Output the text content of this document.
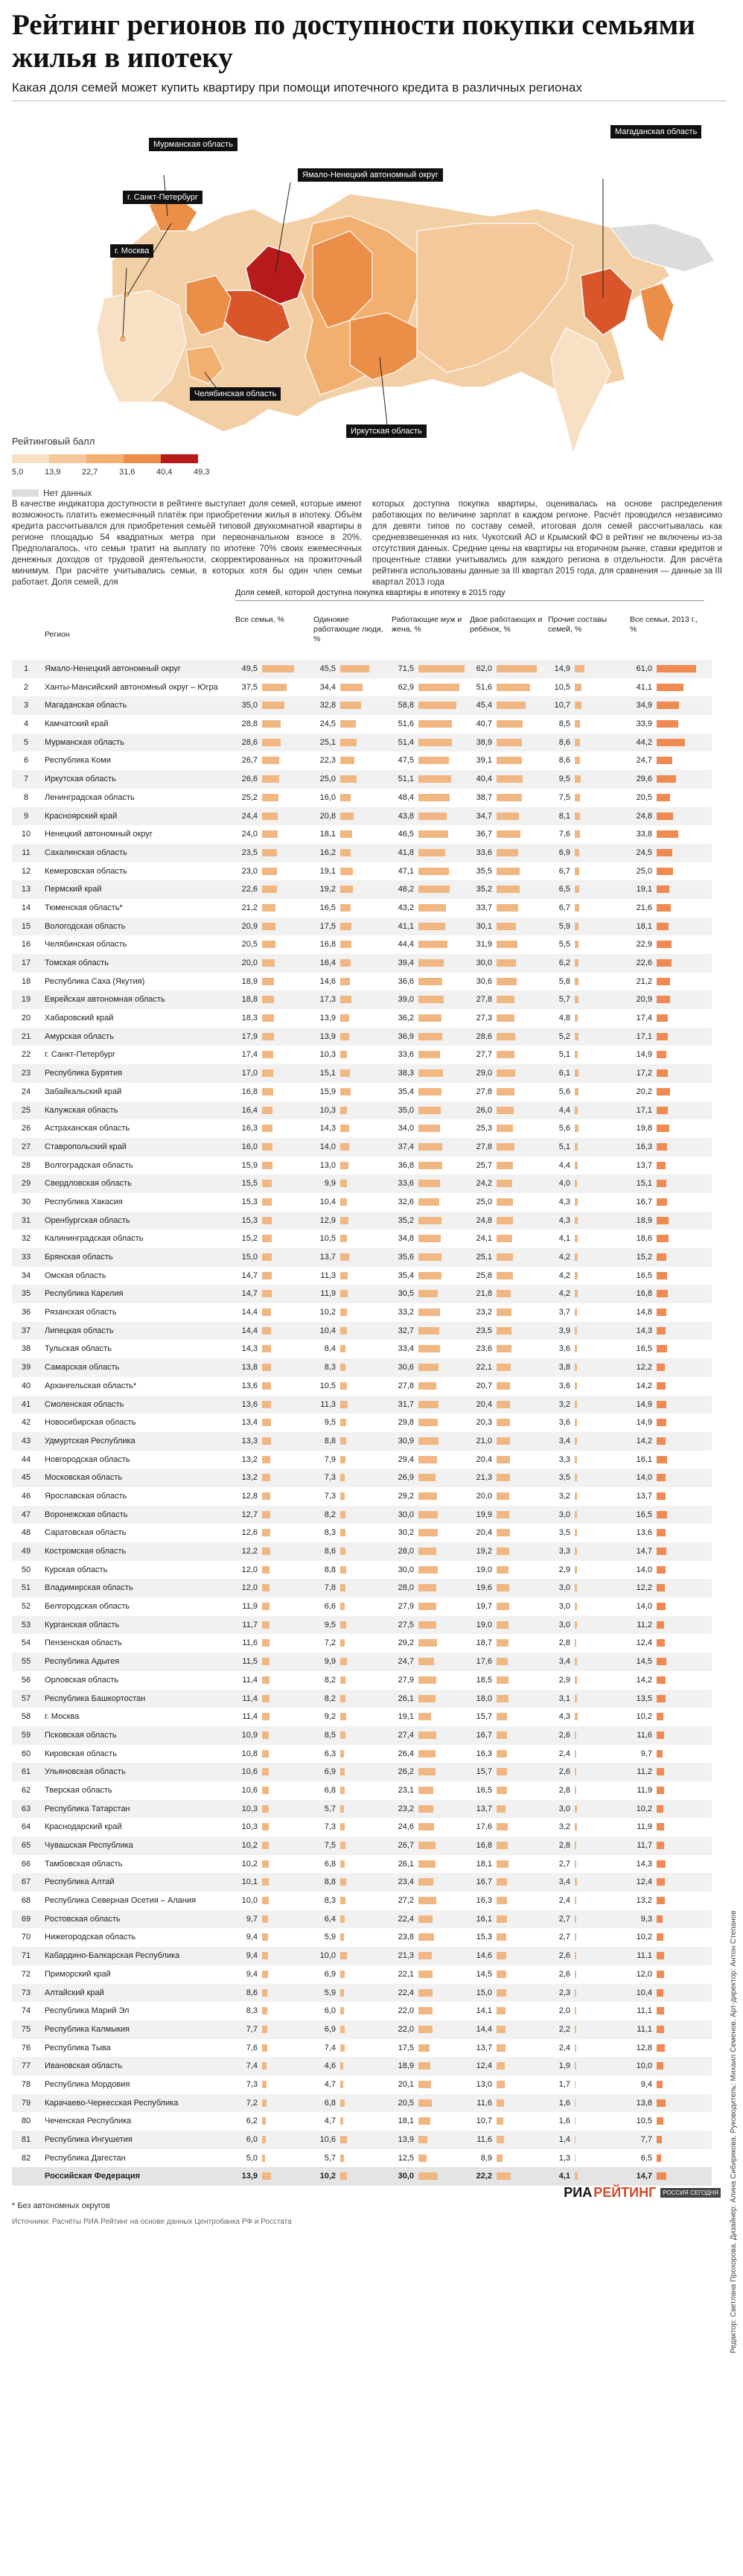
Рейтинг регионов по доступности покупки семьями жилья в ипотеку

Какая доля семей может купить квартиру при помощи ипотечного кредита в различных регионах

Мурманская область
г. Санкт-Петербург
г. Москва
Ямало-Ненецкий автономный округ
Магаданская область
Челябинская область
Иркутская область
Рейтинговый балл
5,0	13,9	22,7	31,6	40,4	49,3
Нет данных

В качестве индикатора доступности в рейтинге выступает доля семей, которые имеют возможность платить ежемесячный платёж при приобретении жилья в ипотеку. Объём кредита рассчитывался для приобретения семьёй типовой двухкомнатной квартиры в регионе площадью 54 квадратных метра при первоначальном взносе в 20%. Предполагалось, что семья тратит на выплату по ипотеке 70% своих ежемесячных денежных доходов от трудовой деятельности, скорректированных на прожиточный минимум. При расчёте учитывались семьи, в которых хотя бы один член семьи работает. Доля семей, для

которых доступна покупка квартиры, оценивалась на основе распределения работающих по величине зарплат в каждом регионе. Расчёт проводился независимо для девяти типов по составу семей, итоговая доля семей рассчитывалась как средневзвешенная из них. Чукотский АО и Крымский ФО в рейтинг не включены из-за отсутствия данных. Средние цены на квартиры на вторичном рынке, ставки кредитов и процентные ставки учитывались для каждого региона в отдельности. Для расчёта рейтинга использованы данные за III квартал 2015 года, для сравнения — данные за III квартал 2013 года

Доля семей, которой доступна покупка квартиры в ипотеку в 2015 году
Регион
Все семьи, %	Одинокие работающие люди, %
Работающие муж и жена, %
Двое работающих и ребёнок, %
Прочие составы семей, %
Все семьи, 2013 г., %
1	Ямало-Ненецкий автономный округ	49,5	45,5	71,5	62,0	14,9	61,0
2	Ханты-Мансийский автономный округ – Югра	37,5	34,4	62,9	51,6	10,5	41,1
3	Магаданская область	35,0	32,8	58,8	45,4	10,7	34,9
4	Камчатский край	28,8	24,5	51,6	40,7	8,5	33,9
5	Мурманская область	28,6	25,1	51,4	38,9	8,6	44,2
6	Республика Коми	26,7	22,3	47,5	39,1	8,6	24,7
7	Иркутская область	26,6	25,0	51,1	40,4	9,5	29,6
8	Ленинградская область	25,2	16,0	48,4	38,7	7,5	20,5
9	Красноярский край	24,4	20,8	43,8	34,7	8,1	24,8
10	Ненецкий автономный округ	24,0	18,1	46,5	36,7	7,6	33,8
11	Сахалинская область	23,5	16,2	41,8	33,6	6,9	24,5
12	Кемеровская область	23,0	19,1	47,1	35,5	6,7	25,0
13	Пермский край	22,6	19,2	48,2	35,2	6,5	19,1
14	Тюменская область*	21,2	16,5	43,2	33,7	6,7	21,6
15	Вологодская область	20,9	17,5	41,1	30,1	5,9	18,1
16	Челябинская область	20,5	16,8	44,4	31,9	5,5	22,9
17	Томская область	20,0	16,4	39,4	30,0	6,2	22,6
18	Республика Саха (Якутия)	18,9	14,6	36,6	30,6	5,8	21,2
19	Еврейская автономная область	18,8	17,3	39,0	27,8	5,7	20,9
20	Хабаровский край	18,3	13,9	36,2	27,3	4,8	17,4
21	Амурская область	17,9	13,9	36,9	28,6	5,2	17,1
22	г. Санкт-Петербург	17,4	10,3	33,6	27,7	5,1	14,9
23	Республика Бурятия	17,0	15,1	38,3	29,0	6,1	17,2
24	Забайкальский край	16,8	15,9	35,4	27,8	5,6	20,2
25	Калужская область	16,4	10,3	35,0	26,0	4,4	17,1
26	Астраханская область	16,3	14,3	34,0	25,3	5,6	19,8
27	Ставропольский край	16,0	14,0	37,4	27,8	5,1	16,3
28	Волгоградская область	15,9	13,0	36,8	25,7	4,4	13,7
29	Свердловская область	15,5	9,9	33,6	24,2	4,0	15,1
30	Республика Хакасия	15,3	10,4	32,6	25,0	4,3	16,7
31	Оренбургская область	15,3	12,9	35,2	24,8	4,3	18,9
32	Калининградская область	15,2	10,5	34,8	24,1	4,1	18,6
33	Брянская область	15,0	13,7	35,6	25,1	4,2	15,2
34	Омская область	14,7	11,3	35,4	25,8	4,2	16,5
35	Республика Карелия	14,7	11,9	30,5	21,8	4,2	16,8
36	Рязанская область	14,4	10,2	33,2	23,2	3,7	14,8
37	Липецкая область	14,4	10,4	32,7	23,5	3,9	14,3
38	Тульская область	14,3	8,4	33,4	23,6	3,6	16,5
39	Самарская область	13,8	8,3	30,6	22,1	3,8	12,2
40	Архангельская область*	13,6	10,5	27,8	20,7	3,6	14,2
41	Смоленская область	13,6	11,3	31,7	20,4	3,2	14,9
42	Новосибирская область	13,4	9,5	29,8	20,3	3,6	14,9
43	Удмуртская Республика	13,3	8,8	30,9	21,0	3,4	14,2
44	Новгородская область	13,2	7,9	29,4	20,4	3,3	16,1
45	Московская область	13,2	7,3	26,9	21,3	3,5	14,0
46	Ярославская область	12,8	7,3	29,2	20,0	3,2	13,7
47	Воронежская область	12,7	8,2	30,0	19,9	3,0	16,5
48	Саратовская область	12,6	8,3	30,2	20,4	3,5	13,6
49	Костромская область	12,2	8,6	28,0	19,2	3,3	14,7
50	Курская область	12,0	8,8	30,0	19,0	2,9	14,0
51	Владимирская область	12,0	7,8	28,0	19,6	3,0	12,2
52	Белгородская область	11,9	6,6	27,9	19,7	3,0	14,0
53	Курганская область	11,7	9,5	27,5	19,0	3,0	11,2
54	Пензенская область	11,6	7,2	29,2	18,7	2,8	12,4
55	Республика Адыгея	11,5	9,9	24,7	17,6	3,4	14,5
56	Орловская область	11,4	8,2	27,9	18,5	2,9	14,2
57	Республика Башкортостан	11,4	8,2	26,1	18,0	3,1	13,5
58	г. Москва	11,4	9,2	19,1	15,7	4,3	10,2
59	Псковская область	10,9	8,5	27,4	16,7	2,6	11,6
60	Кировская область	10,8	6,3	26,4	16,3	2,4	9,7
61	Ульяновская область	10,6	6,9	26,2	15,7	2,6	11,2
62	Тверская область	10,6	6,8	23,1	16,5	2,8	11,9
63	Республика Татарстан	10,3	5,7	23,2	13,7	3,0	10,2
64	Краснодарский край	10,3	7,3	24,6	17,6	3,2	11,9
65	Чувашская Республика	10,2	7,5	26,7	16,8	2,8	11,7
66	Тамбовская область	10,2	6,8	26,1	18,1	2,7	14,3
67	Республика Алтай	10,1	8,8	23,4	16,7	3,4	12,4
68	Республика Северная Осетия – Алания	10,0	8,3	27,2	16,3	2,4	13,2
69	Ростовская область	9,7	6,4	22,4	16,1	2,7	9,3
70	Нижегородская область	9,4	5,9	23,8	15,3	2,7	10,2
71	Кабардино-Балкарская Республика	9,4	10,0	21,3	14,6	2,6	11,1
72	Приморский край	9,4	6,9	22,1	14,5	2,6	12,0
73	Алтайский край	8,6	5,9	22,4	15,0	2,3	10,4
74	Республика Марий Эл	8,3	6,0	22,0	14,1	2,0	11,1
75	Республика Калмыкия	7,7	6,9	22,0	14,4	2,2	11,1
76	Республика Тыва	7,6	7,4	17,5	13,7	2,4	12,8
77	Ивановская область	7,4	4,6	18,9	12,4	1,9	10,0
78	Республика Мордовия	7,3	4,7	20,1	13,0	1,7	9,4
79	Карачаево-Черкесская Республика	7,2	6,8	20,5	11,6	1,6	13,8
80	Чеченская Республика	6,2	4,7	18,1	10,7	1,6	10,5
81	Республика Ингушетия	6,0	10,6	13,9	11,6	1,4	7,7
82	Республика Дагестан	5,0	5,7	12,5	8,9	1,3	6,5
Российская Федерация	13,9	10,2	30,0	22,2	4,1	14,7
* Без автономных округов
Источники: Расчёты РИА Рейтинг на основе данных Центробанка РФ и Росстата
РИА РЕЙТИНГ	РОССИЯ СЕГОДНЯ	Редактор: Светлана Прохорова. Дизайнер: Алина Сибирякова. Руководитель: Михаил Семенов. Арт-директор: Антон Степанов
